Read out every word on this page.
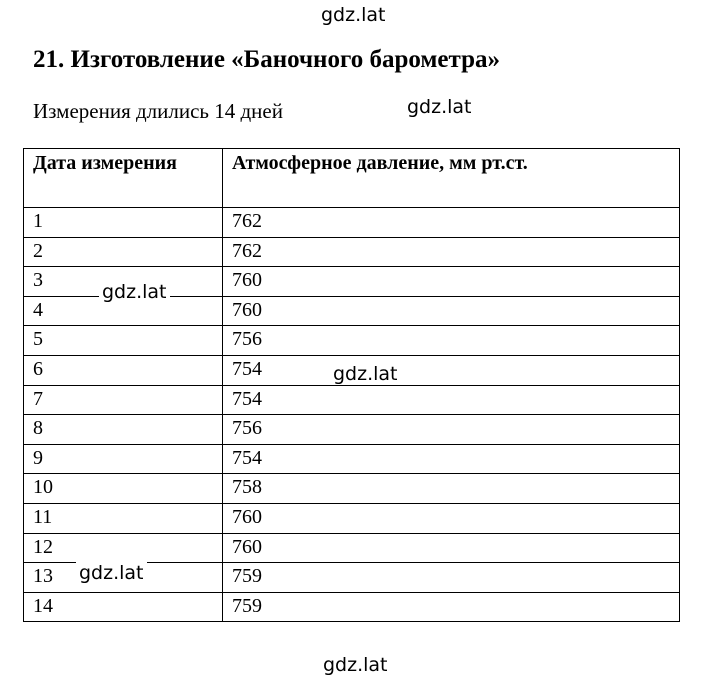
21. Изготовление «Баночного барометра»
Измерения длились 14 дней
Дата измерения	Атмосферное давление, мм рт.ст.
1	762
2	762
3	760
4	760
5	756
6	754
7	754
8	756
9	754
10	758
11	760
12	760
13	759
14	759
gdz.lat
gdz.lat
gdz.lat
gdz.lat
gdz.lat
gdz.lat
